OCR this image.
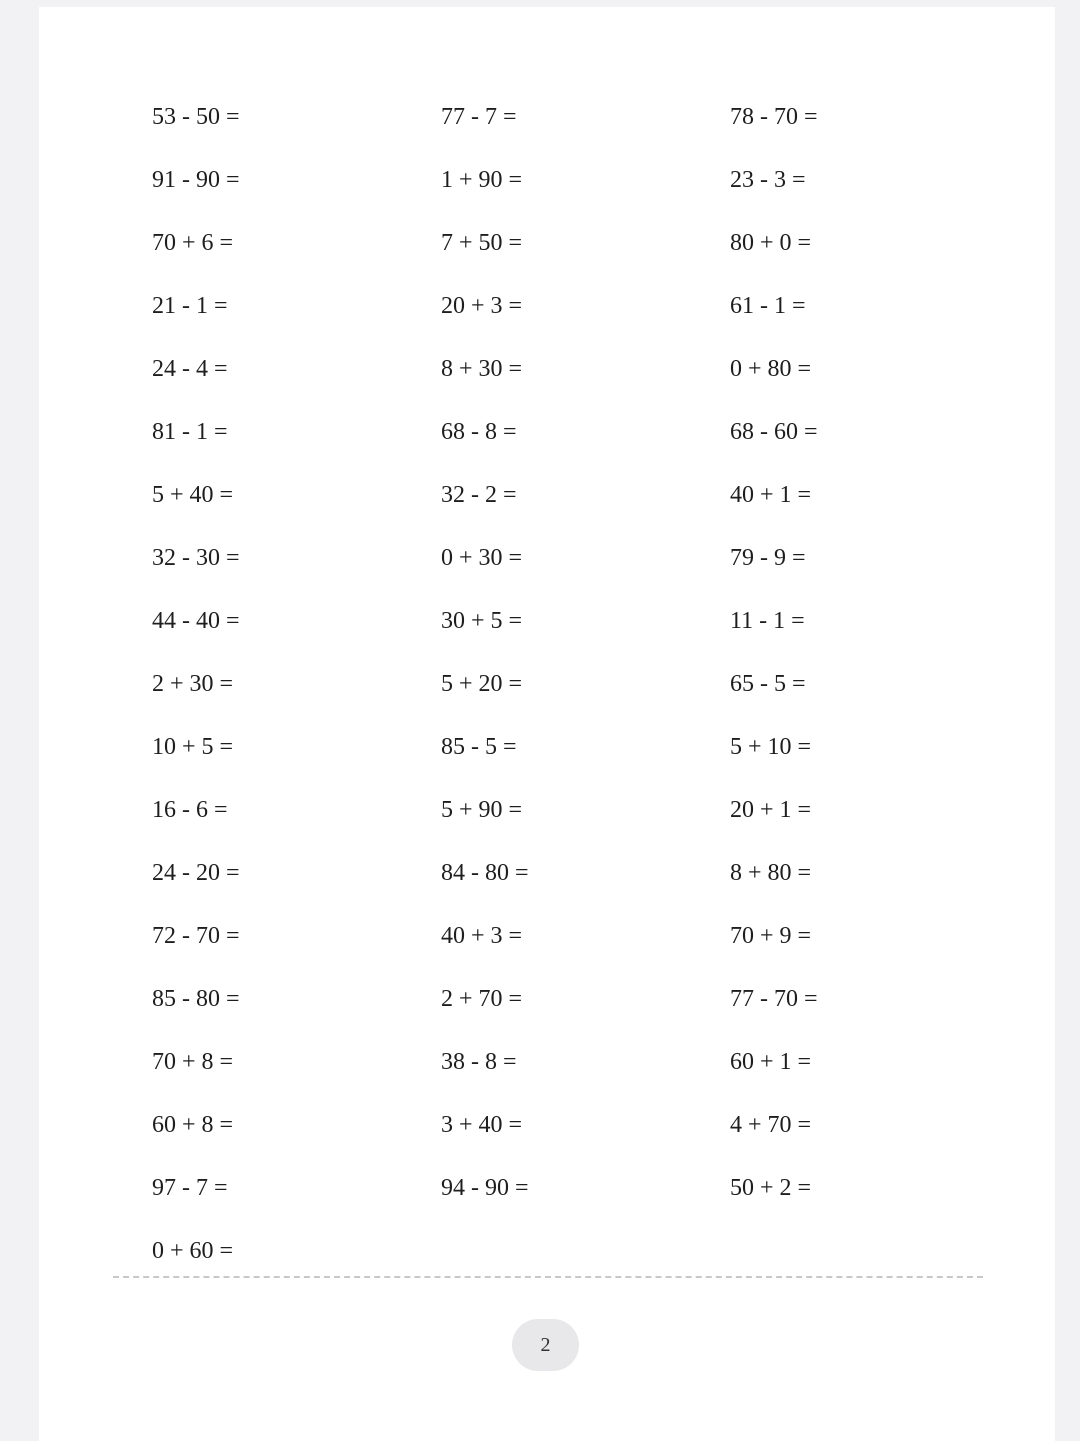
53 - 50 =	77 - 7 =	78 - 70 =
91 - 90 =	1 + 90 =	23 - 3 =
70 + 6 =	7 + 50 =	80 + 0 =
21 - 1 =	20 + 3 =	61 - 1 =
24 - 4 =	8 + 30 =	0 + 80 =
81 - 1 =	68 - 8 =	68 - 60 =
5 + 40 =	32 - 2 =	40 + 1 =
32 - 30 =	0 + 30 =	79 - 9 =
44 - 40 =	30 + 5 =	11 - 1 =
2 + 30 =	5 + 20 =	65 - 5 =
10 + 5 =	85 - 5 =	5 + 10 =
16 - 6 =	5 + 90 =	20 + 1 =
24 - 20 =	84 - 80 =	8 + 80 =
72 - 70 =	40 + 3 =	70 + 9 =
85 - 80 =	2 + 70 =	77 - 70 =
70 + 8 =	38 - 8 =	60 + 1 =
60 + 8 =	3 + 40 =	4 + 70 =
97 - 7 =	94 - 90 =	50 + 2 =
0 + 60 =
2
